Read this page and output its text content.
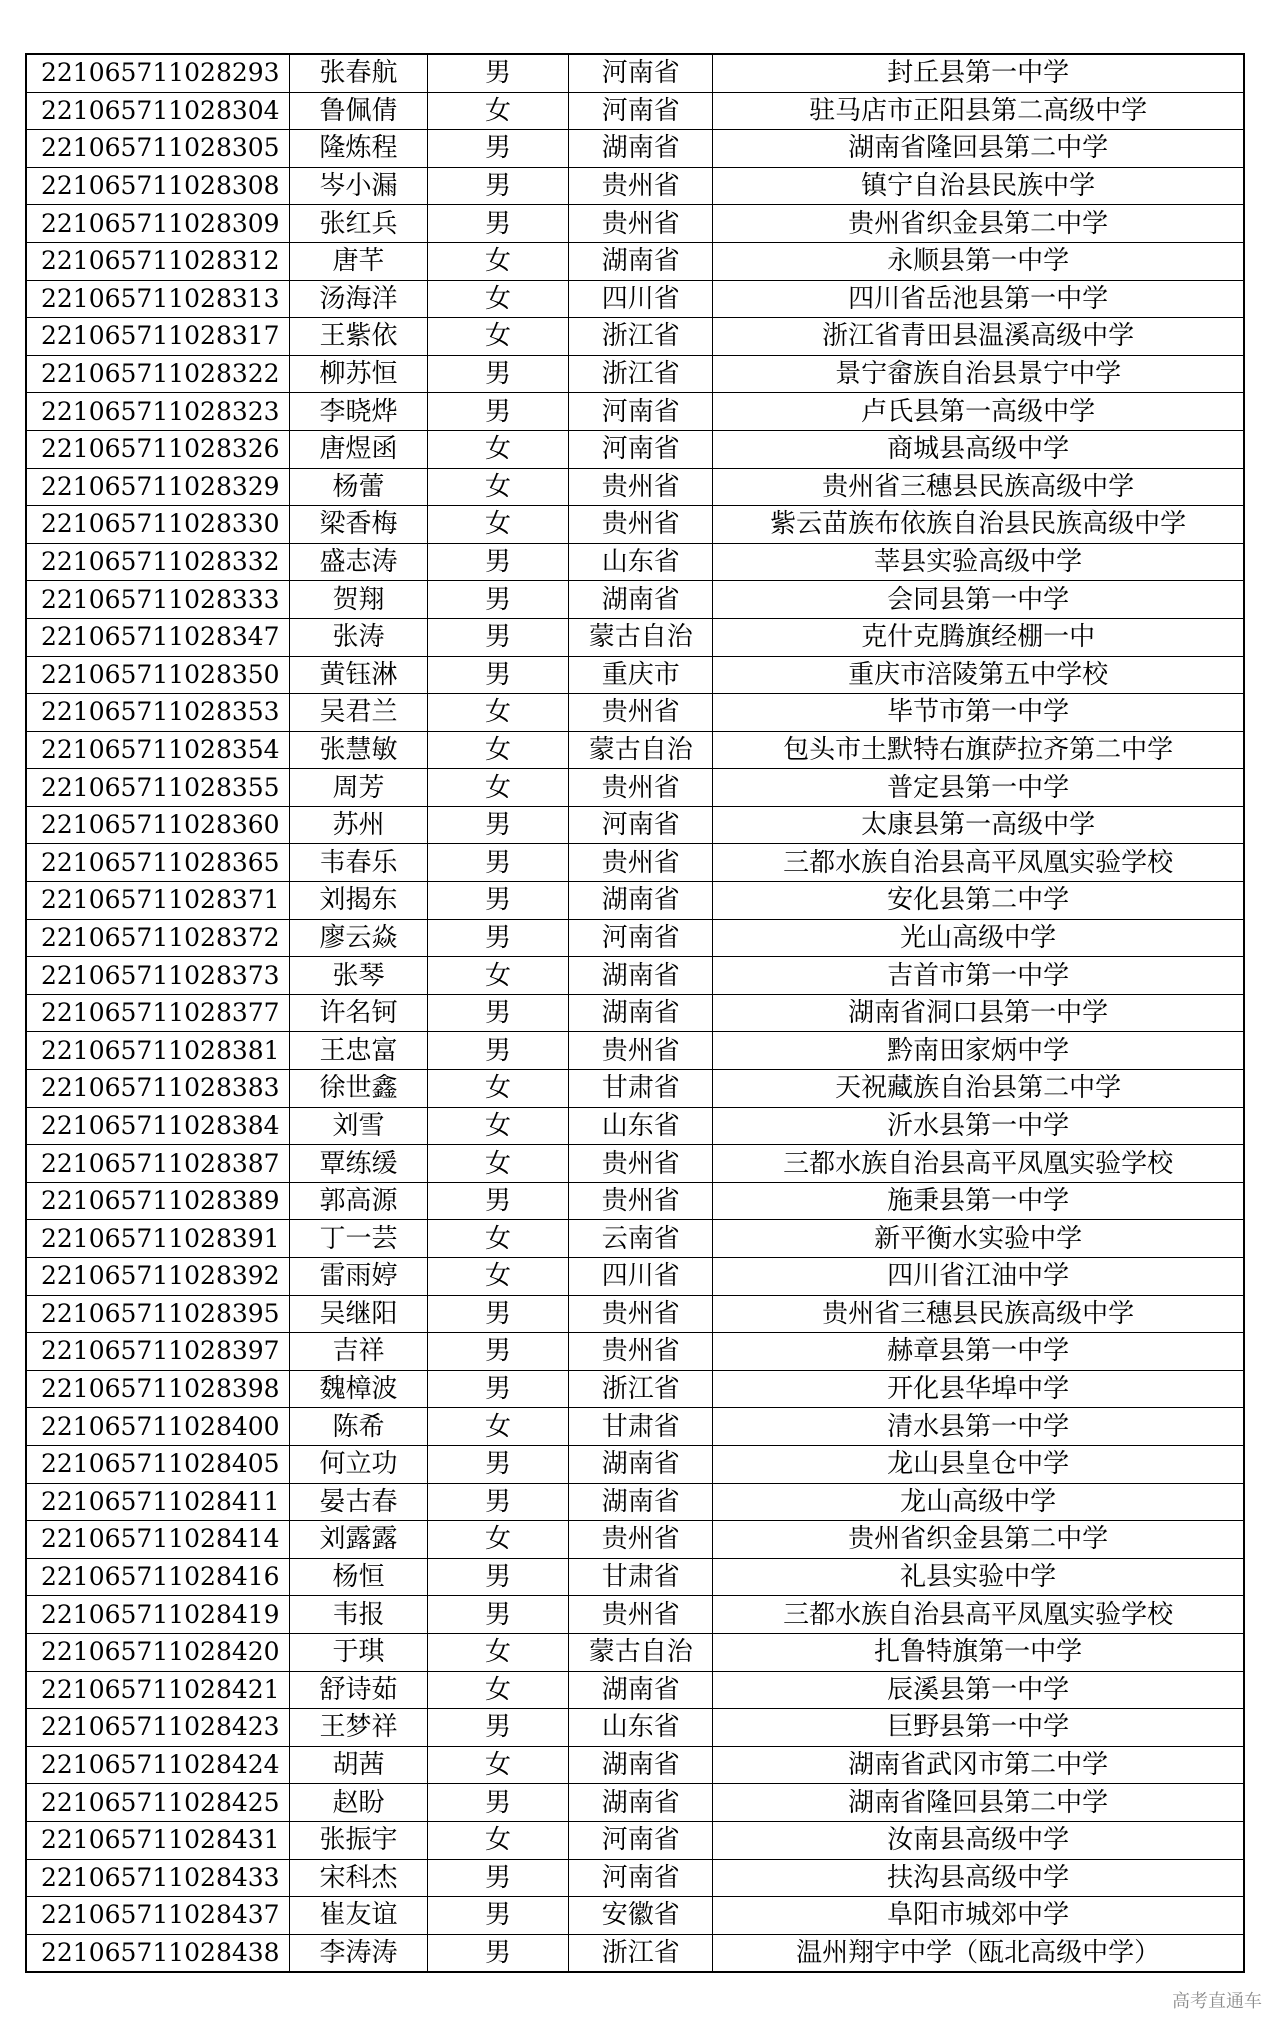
221065711028293	张春航	男	河南省	封丘县第一中学
221065711028304	鲁佩倩	女	河南省	驻马店市正阳县第二高级中学
221065711028305	隆炼程	男	湖南省	湖南省隆回县第二中学
221065711028308	岑小漏	男	贵州省	镇宁自治县民族中学
221065711028309	张红兵	男	贵州省	贵州省织金县第二中学
221065711028312	唐芊	女	湖南省	永顺县第一中学
221065711028313	汤海洋	女	四川省	四川省岳池县第一中学
221065711028317	王紫依	女	浙江省	浙江省青田县温溪高级中学
221065711028322	柳苏恒	男	浙江省	景宁畲族自治县景宁中学
221065711028323	李晓烨	男	河南省	卢氏县第一高级中学
221065711028326	唐煜函	女	河南省	商城县高级中学
221065711028329	杨蕾	女	贵州省	贵州省三穗县民族高级中学
221065711028330	梁香梅	女	贵州省	紫云苗族布依族自治县民族高级中学
221065711028332	盛志涛	男	山东省	莘县实验高级中学
221065711028333	贺翔	男	湖南省	会同县第一中学
221065711028347	张涛	男	蒙古自治	克什克腾旗经棚一中
221065711028350	黄钰淋	男	重庆市	重庆市涪陵第五中学校
221065711028353	吴君兰	女	贵州省	毕节市第一中学
221065711028354	张慧敏	女	蒙古自治	包头市土默特右旗萨拉齐第二中学
221065711028355	周芳	女	贵州省	普定县第一中学
221065711028360	苏州	男	河南省	太康县第一高级中学
221065711028365	韦春乐	男	贵州省	三都水族自治县高平凤凰实验学校
221065711028371	刘揭东	男	湖南省	安化县第二中学
221065711028372	廖云焱	男	河南省	光山高级中学
221065711028373	张琴	女	湖南省	吉首市第一中学
221065711028377	许名钶	男	湖南省	湖南省洞口县第一中学
221065711028381	王忠富	男	贵州省	黔南田家炳中学
221065711028383	徐世鑫	女	甘肃省	天祝藏族自治县第二中学
221065711028384	刘雪	女	山东省	沂水县第一中学
221065711028387	覃练缓	女	贵州省	三都水族自治县高平凤凰实验学校
221065711028389	郭高源	男	贵州省	施秉县第一中学
221065711028391	丁一芸	女	云南省	新平衡水实验中学
221065711028392	雷雨婷	女	四川省	四川省江油中学
221065711028395	吴继阳	男	贵州省	贵州省三穗县民族高级中学
221065711028397	吉祥	男	贵州省	赫章县第一中学
221065711028398	魏樟波	男	浙江省	开化县华埠中学
221065711028400	陈希	女	甘肃省	清水县第一中学
221065711028405	何立功	男	湖南省	龙山县皇仓中学
221065711028411	晏古春	男	湖南省	龙山高级中学
221065711028414	刘露露	女	贵州省	贵州省织金县第二中学
221065711028416	杨恒	男	甘肃省	礼县实验中学
221065711028419	韦报	男	贵州省	三都水族自治县高平凤凰实验学校
221065711028420	于琪	女	蒙古自治	扎鲁特旗第一中学
221065711028421	舒诗茹	女	湖南省	辰溪县第一中学
221065711028423	王梦祥	男	山东省	巨野县第一中学
221065711028424	胡茜	女	湖南省	湖南省武冈市第二中学
221065711028425	赵盼	男	湖南省	湖南省隆回县第二中学
221065711028431	张振宇	女	河南省	汝南县高级中学
221065711028433	宋科杰	男	河南省	扶沟县高级中学
221065711028437	崔友谊	男	安徽省	阜阳市城郊中学
221065711028438	李涛涛	男	浙江省	温州翔宇中学（瓯北高级中学）
高考直通车
